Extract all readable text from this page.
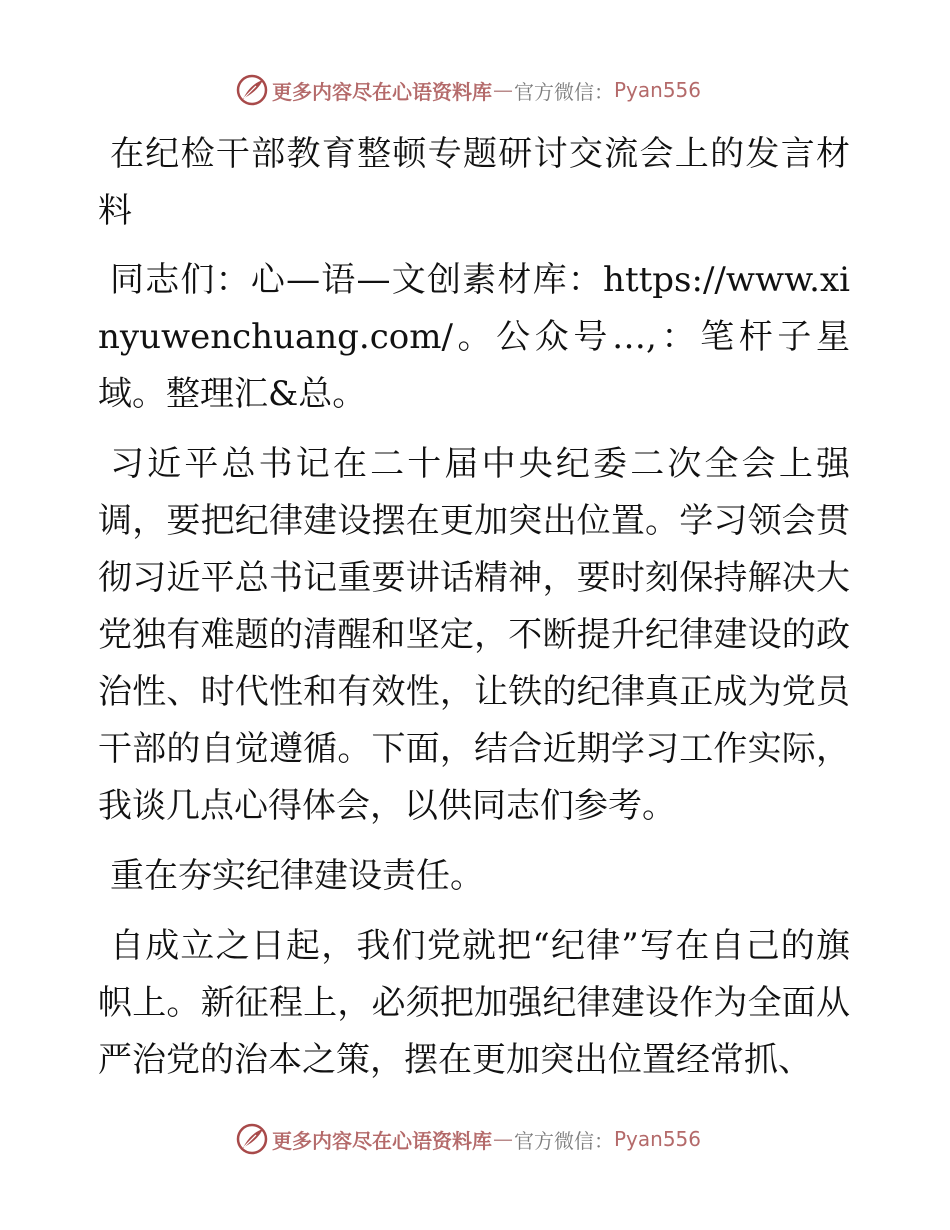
更多内容尽在心语资料库 — 官方微信： Pyan556

在纪检干部教育整顿专题研讨交流会上的发言材料

同志们：心—语—文创素材库：https://www.xinyuwenchuang.com/。公众号…,：笔杆子星域。整理汇&总。

习近平总书记在二十届中央纪委二次全会上强调，要把纪律建设摆在更加突出位置。学习领会贯彻习近平总书记重要讲话精神，要时刻保持解决大党独有难题的清醒和坚定，不断提升纪律建设的政治性、时代性和有效性，让铁的纪律真正成为党员干部的自觉遵循。下面，结合近期学习工作实际，我谈几点心得体会，以供同志们参考。

重在夯实纪律建设责任。

自成立之日起，我们党就把“纪律”写在自己的旗帜上。新征程上，必须把加强纪律建设作为全面从严治党的治本之策，摆在更加突出位置经常抓、

更多内容尽在心语资料库 — 官方微信： Pyan556
